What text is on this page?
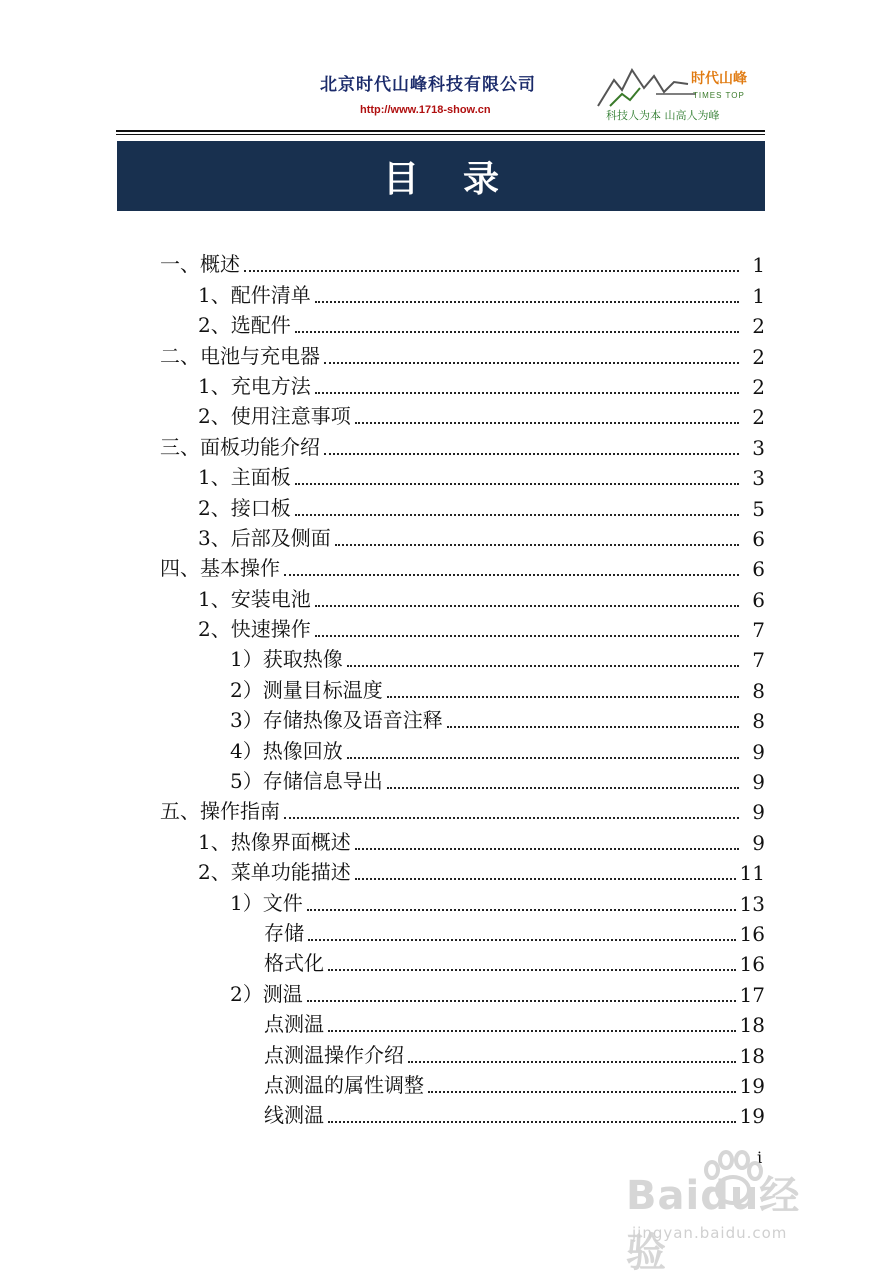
北京时代山峰科技有限公司
http://www.1718-show.cn
时代山峰
TIMES TOP
科技人为本 山高人为峰
目录
一、概述	1
1、配件清单	1
2、选配件	2
二、电池与充电器	2
1、充电方法	2
2、使用注意事项	2
三、面板功能介绍	3
1、主面板	3
2、接口板	5
3、后部及侧面	6
四、基本操作	6
1、安装电池	6
2、快速操作	7
1）获取热像	7
2）测量目标温度	8
3）存储热像及语音注释	8
4）热像回放	9
5）存储信息导出	9
五、操作指南	9
1、热像界面概述	9
2、菜单功能描述	11
1）文件	13
存储	16
格式化	16
2）测温	17
点测温	18
点测温操作介绍	18
点测温的属性调整	19
线测温	19
i
Baidu经验
jingyan.baidu.com
